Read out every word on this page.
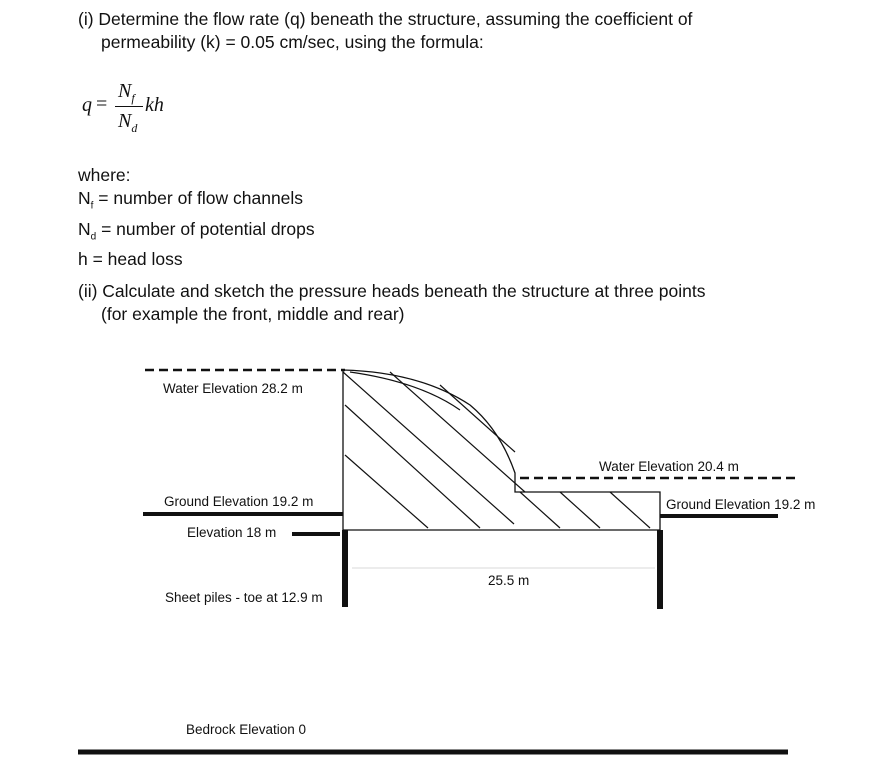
(i) Determine the flow rate (q) beneath the structure, assuming the coefficient of
permeability (k) = 0.05 cm/sec, using the formula:
q =
$N_f$
$N_d$
kh
where:
$N_f$ = number of flow channels
$N_d$ = number of potential drops
h = head loss
(ii) Calculate and sketch the pressure heads beneath the structure at three points
(for example the front, middle and rear)
Water Elevation 28.2 m
Ground Elevation 19.2 m
Elevation 18 m
Sheet piles - toe at 12.9 m
Bedrock Elevation 0
25.5 m
Water Elevation 20.4 m
Ground Elevation 19.2 m
